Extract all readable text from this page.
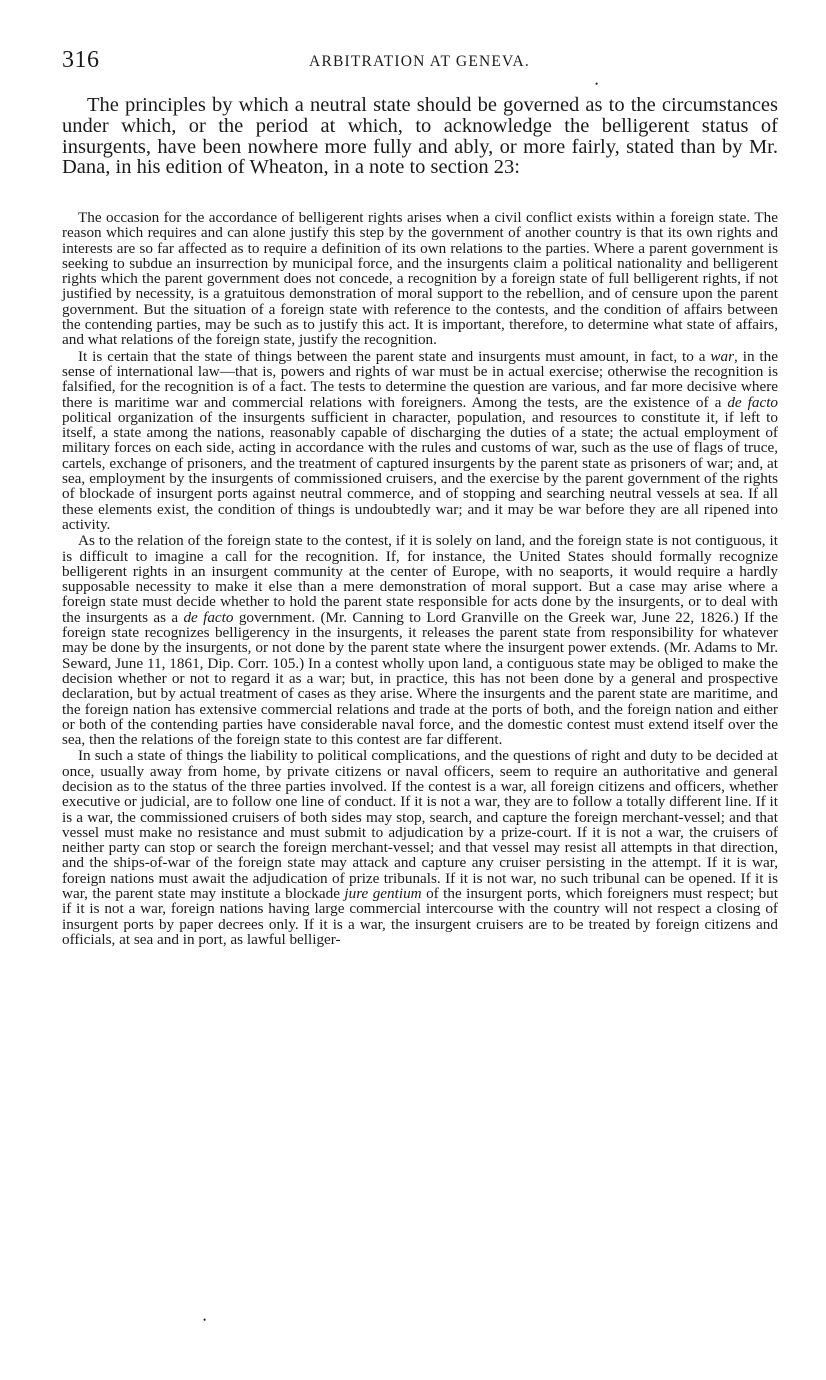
316	ARBITRATION AT GENEVA.
•

The principles by which a neutral state should be governed as to the circumstances under which, or the period at which, to acknowledge the belligerent status of insurgents, have been nowhere more fully and ably, or more fairly, stated than by Mr. Dana, in his edition of Wheaton, in a note to section 23:

The occasion for the accordance of belligerent rights arises when a civil conflict exists within a foreign state. The reason which requires and can alone justify this step by the government of another country is that its own rights and interests are so far affected as to require a definition of its own relations to the parties. Where a parent government is seeking to subdue an insurrection by municipal force, and the insurgents claim a political nationality and belligerent rights which the parent government does not concede, a recognition by a foreign state of full belligerent rights, if not justified by necessity, is a gratuitous demonstration of moral support to the rebellion, and of censure upon the parent government. But the situation of a foreign state with reference to the contests, and the condition of affairs between the contending parties, may be such as to justify this act. It is important, therefore, to determine what state of affairs, and what relations of the foreign state, justify the recognition.

It is certain that the state of things between the parent state and insurgents must amount, in fact, to a war, in the sense of international law—that is, powers and rights of war must be in actual exercise; otherwise the recognition is falsified, for the recognition is of a fact. The tests to determine the question are various, and far more decisive where there is maritime war and commercial relations with foreigners. Among the tests, are the existence of a de facto political organization of the insurgents sufficient in character, population, and resources to constitute it, if left to itself, a state among the nations, reasonably capable of discharging the duties of a state; the actual employment of military forces on each side, acting in accordance with the rules and customs of war, such as the use of flags of truce, cartels, exchange of prisoners, and the treatment of captured insurgents by the parent state as prisoners of war; and, at sea, employment by the insurgents of commissioned cruisers, and the exercise by the parent government of the rights of blockade of insurgent ports against neutral commerce, and of stopping and searching neutral vessels at sea. If all these elements exist, the condition of things is undoubtedly war; and it may be war before they are all ripened into activity.

As to the relation of the foreign state to the contest, if it is solely on land, and the foreign state is not contiguous, it is difficult to imagine a call for the recognition. If, for instance, the United States should formally recognize belligerent rights in an insurgent community at the center of Europe, with no seaports, it would require a hardly supposable necessity to make it else than a mere demonstration of moral support. But a case may arise where a foreign state must decide whether to hold the parent state responsible for acts done by the insurgents, or to deal with the insurgents as a de facto government. (Mr. Canning to Lord Granville on the Greek war, June 22, 1826.) If the foreign state recognizes belligerency in the insurgents, it releases the parent state from responsibility for whatever may be done by the insurgents, or not done by the parent state where the insurgent power extends. (Mr. Adams to Mr. Seward, June 11, 1861, Dip. Corr. 105.) In a contest wholly upon land, a contiguous state may be obliged to make the decision whether or not to regard it as a war; but, in practice, this has not been done by a general and prospective declaration, but by actual treatment of cases as they arise. Where the insurgents and the parent state are maritime, and the foreign nation has extensive commercial relations and trade at the ports of both, and the foreign nation and either or both of the contending parties have considerable naval force, and the domestic contest must extend itself over the sea, then the relations of the foreign state to this contest are far different.

In such a state of things the liability to political complications, and the questions of right and duty to be decided at once, usually away from home, by private citizens or naval officers, seem to require an authoritative and general decision as to the status of the three parties involved. If the contest is a war, all foreign citizens and officers, whether executive or judicial, are to follow one line of conduct. If it is not a war, they are to follow a totally different line. If it is a war, the commissioned cruisers of both sides may stop, search, and capture the foreign merchant-vessel; and that vessel must make no resistance and must submit to adjudication by a prize-court. If it is not a war, the cruisers of neither party can stop or search the foreign merchant-vessel; and that vessel may resist all attempts in that direction, and the ships-of-war of the foreign state may attack and capture any cruiser persisting in the attempt. If it is war, foreign nations must await the adjudication of prize tribunals. If it is not war, no such tribunal can be opened. If it is war, the parent state may institute a blockade jure gentium of the insurgent ports, which foreigners must respect; but if it is not a war, foreign nations having large commercial intercourse with the country will not respect a closing of insurgent ports by paper decrees only. If it is a war, the insurgent cruisers are to be treated by foreign citizens and officials, at sea and in port, as lawful belliger-

•
